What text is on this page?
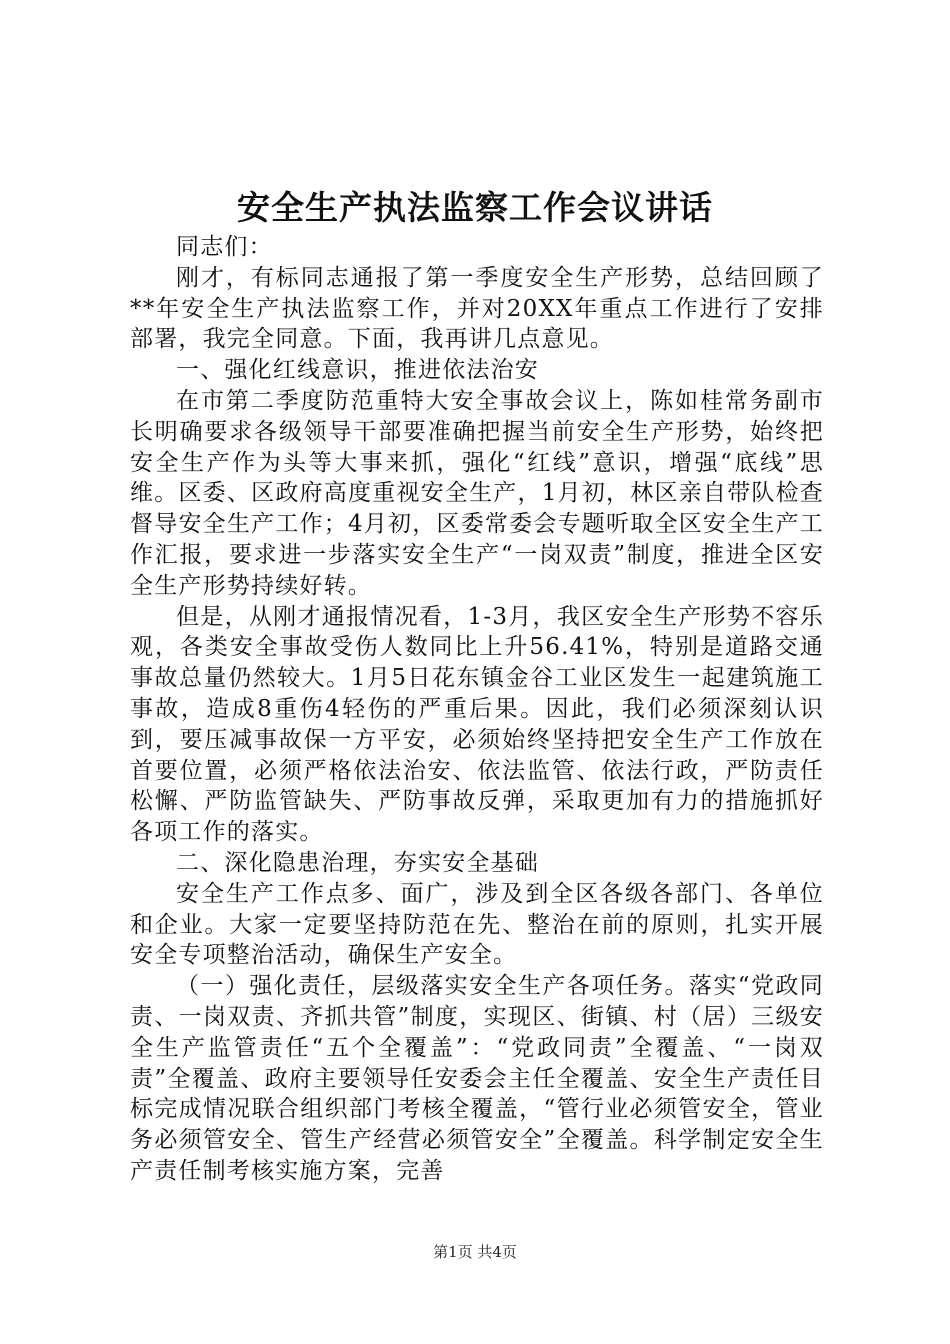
安全生产执法监察工作会议讲话

同志们：

刚才，有标同志通报了第一季度安全生产形势，总结回顾了**年安全生产执法监察工作，并对20XX年重点工作进行了安排部署，我完全同意。下面，我再讲几点意见。

一、强化红线意识，推进依法治安

在市第二季度防范重特大安全事故会议上，陈如桂常务副市长明确要求各级领导干部要准确把握当前安全生产形势，始终把安全生产作为头等大事来抓，强化“红线”意识，增强“底线”思维。区委、区政府高度重视安全生产，1月初，林区亲自带队检查督导安全生产工作；4月初，区委常委会专题听取全区安全生产工作汇报，要求进一步落实安全生产“一岗双责”制度，推进全区安全生产形势持续好转。

但是，从刚才通报情况看，1-3月，我区安全生产形势不容乐观，各类安全事故受伤人数同比上升56.41%，特别是道路交通事故总量仍然较大。1月5日花东镇金谷工业区发生一起建筑施工事故，造成8重伤4轻伤的严重后果。因此，我们必须深刻认识到，要压减事故保一方平安，必须始终坚持把安全生产工作放在首要位置，必须严格依法治安、依法监管、依法行政，严防责任松懈、严防监管缺失、严防事故反弹，采取更加有力的措施抓好各项工作的落实。

二、深化隐患治理，夯实安全基础

安全生产工作点多、面广，涉及到全区各级各部门、各单位和企业。大家一定要坚持防范在先、整治在前的原则，扎实开展安全专项整治活动，确保生产安全。

（一）强化责任，层级落实安全生产各项任务。落实“党政同责、一岗双责、齐抓共管”制度，实现区、街镇、村（居）三级安全生产监管责任“五个全覆盖”：“党政同责”全覆盖、“一岗双责”全覆盖、政府主要领导任安委会主任全覆盖、安全生产责任目标完成情况联合组织部门考核全覆盖，“管行业必须管安全，管业务必须管安全、管生产经营必须管安全”全覆盖。科学制定安全生产责任制考核实施方案，完善

第1页 共4页
